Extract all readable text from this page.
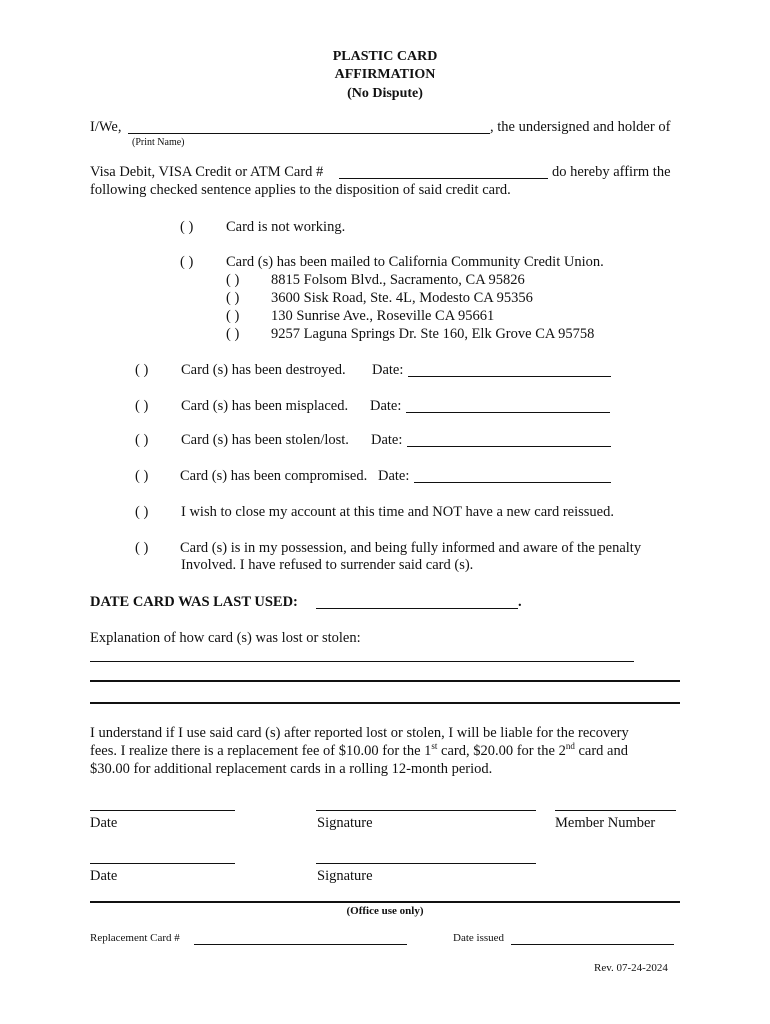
PLASTIC CARD
AFFIRMATION
(No Dispute)
I/We,	, the undersigned and holder of
(Print Name)
Visa Debit, VISA Credit or ATM Card #	do hereby affirm the
following checked sentence applies to the disposition of said credit card.
( ) Card is not working.
( ) Card (s) has been mailed to California Community Credit Union.
( ) 8815 Folsom Blvd., Sacramento, CA 95826
( ) 3600 Sisk Road, Ste. 4L, Modesto CA 95356
( ) 130 Sunrise Ave., Roseville CA 95661
( ) 9257 Laguna Springs Dr. Ste 160, Elk Grove CA 95758
( ) Card (s) has been destroyed. Date:
( ) Card (s) has been misplaced. Date:
( ) Card (s) has been stolen/lost. Date:
( ) Card (s) has been compromised. Date:
( ) I wish to close my account at this time and NOT have a new card reissued.
( ) Card (s) is in my possession, and being fully informed and aware of the penalty
Involved. I have refused to surrender said card (s).
DATE CARD WAS LAST USED:	.
Explanation of how card (s) was lost or stolen:
I understand if I use said card (s) after reported lost or stolen, I will be liable for the recovery
fees. I realize there is a replacement fee of $10.00 for the 1st card, $20.00 for the 2nd card and
$30.00 for additional replacement cards in a rolling 12-month period.
Date	Signature	Member Number
Date	Signature
(Office use only)
Replacement Card #	Date issued
Rev. 07-24-2024
